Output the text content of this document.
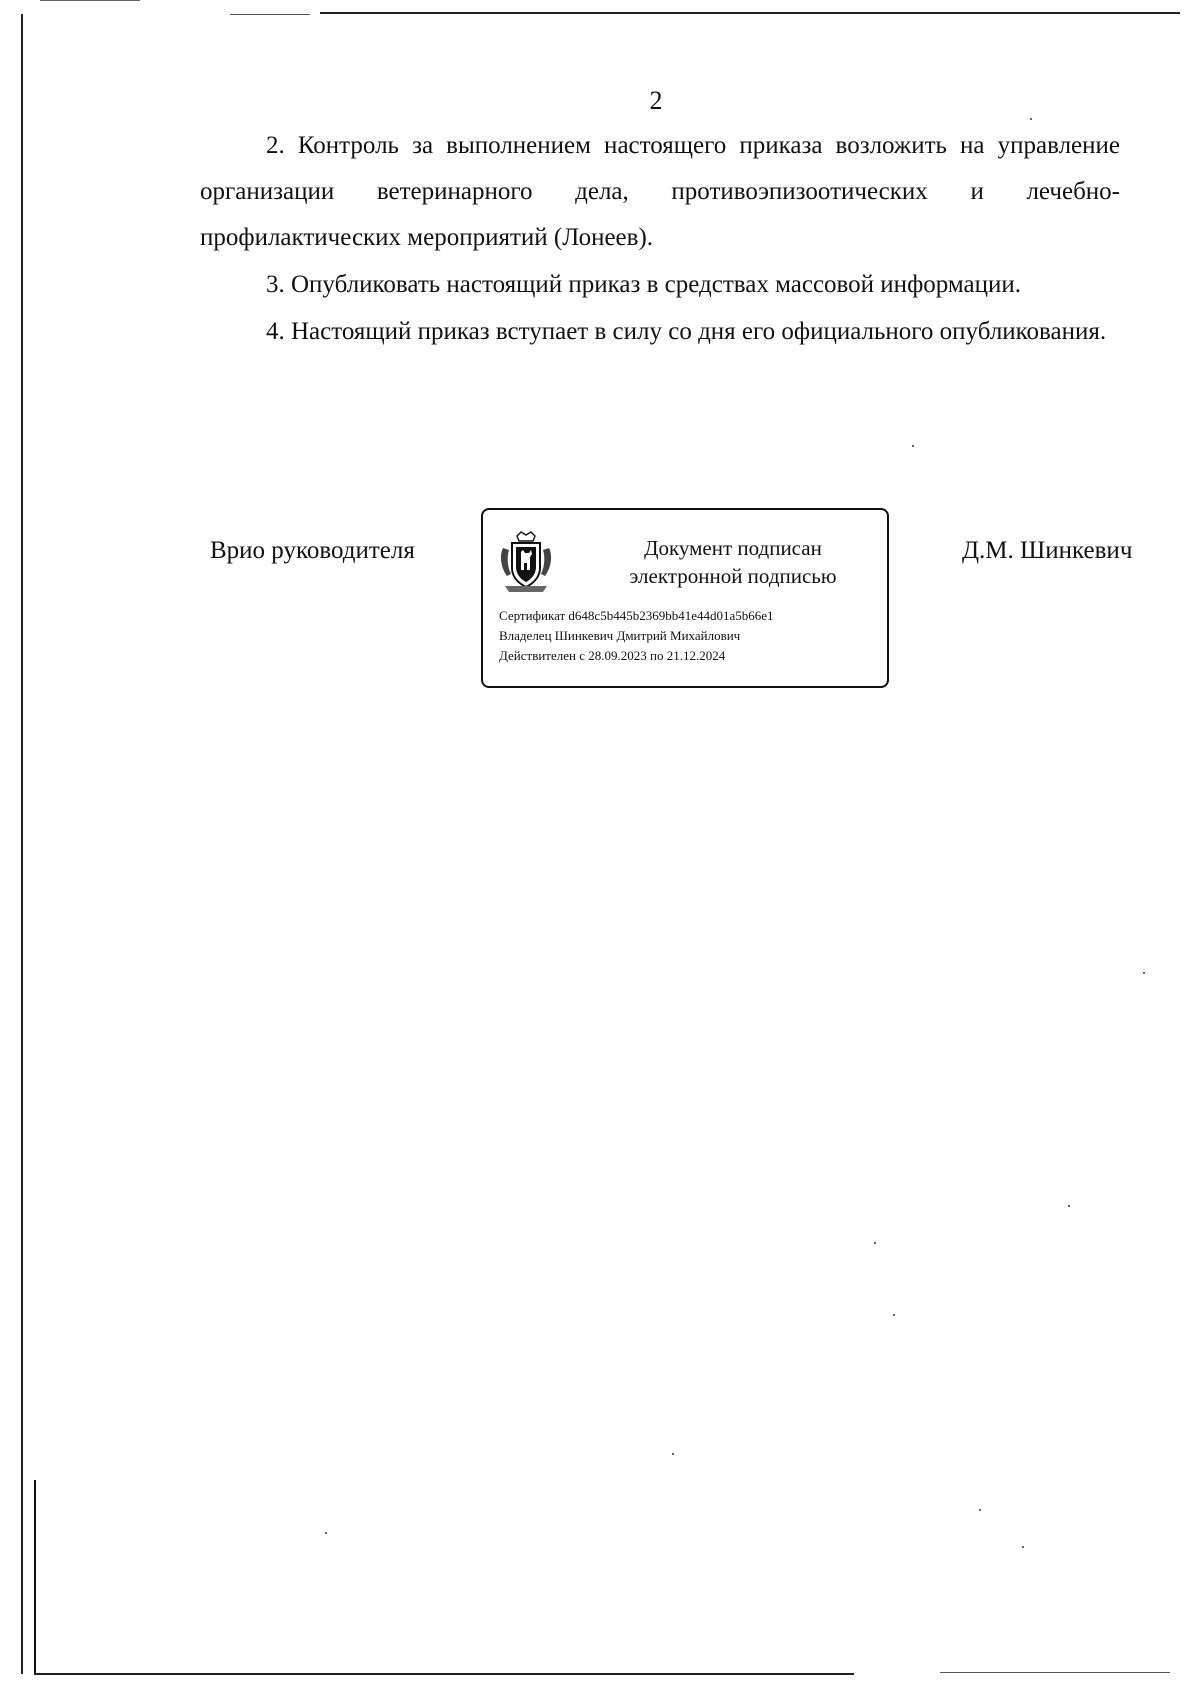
2
2. Контроль за выполнением настоящего приказа возложить на управление организации ветеринарного дела, противоэпизоотических и лечебно-профилактических мероприятий (Лонеев).
3. Опубликовать настоящий приказ в средствах массовой информации.
4. Настоящий приказ вступает в силу со дня его официального опубликования.
Врио руководителя	Документ подписан
электронной подписью
Сертификат d648c5b445b2369bb41e44d01a5b66e1
Владелец Шинкевич Дмитрий Михайлович
Действителен с 28.09.2023 по 21.12.2024
Д.М. Шинкевич
